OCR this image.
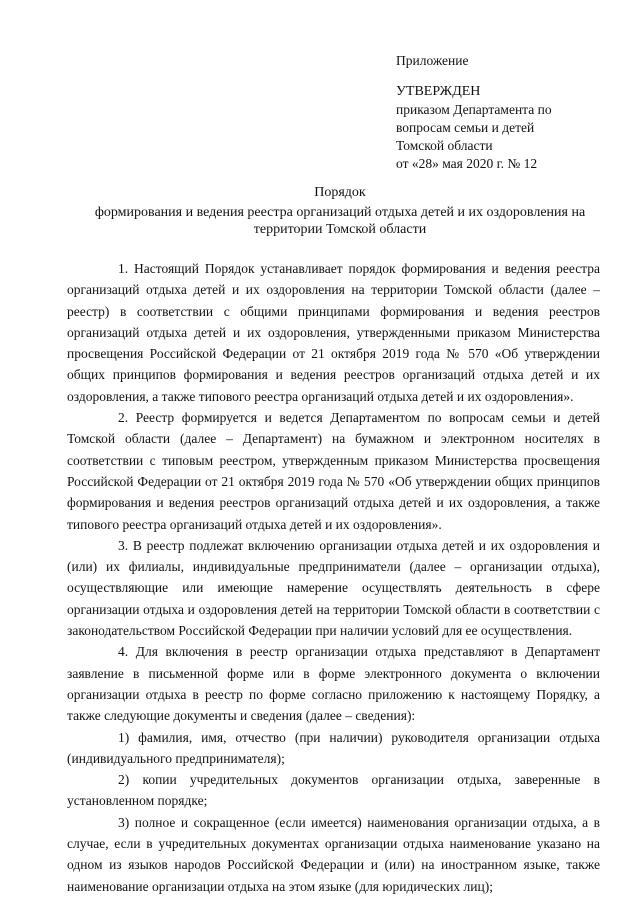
Приложение
УТВЕРЖДЕН
приказом Департамента по
вопросам семьи и детей
Томской области
от «28» мая 2020 г. № 12
Порядок
формирования и ведения реестра организаций отдыха детей и их оздоровления на
территории Томской области

1. Настоящий Порядок устанавливает порядок формирования и ведения реестра организаций отдыха детей и их оздоровления на территории Томской области (далее – реестр) в соответствии с общими принципами формирования и ведения реестров организаций отдыха детей и их оздоровления, утвержденными приказом Министерства просвещения Российской Федерации от 21 октября 2019 года № 570 «Об утверждении общих принципов формирования и ведения реестров организаций отдыха детей и их оздоровления, а также типового реестра организаций отдыха детей и их оздоровления».

2. Реестр формируется и ведется Департаментом по вопросам семьи и детей Томской области (далее – Департамент) на бумажном и электронном носителях в соответствии с типовым реестром, утвержденным приказом Министерства просвещения Российской Федерации от 21 октября 2019 года № 570 «Об утверждении общих принципов формирования и ведения реестров организаций отдыха детей и их оздоровления, а также типового реестра организаций отдыха детей и их оздоровления».

3. В реестр подлежат включению организации отдыха детей и их оздоровления и (или) их филиалы, индивидуальные предприниматели (далее – организации отдыха), осуществляющие или имеющие намерение осуществлять деятельность в сфере организации отдыха и оздоровления детей на территории Томской области в соответствии с законодательством Российской Федерации при наличии условий для ее осуществления.

4. Для включения в реестр организации отдыха представляют в Департамент заявление в письменной форме или в форме электронного документа о включении организации отдыха в реестр по форме согласно приложению к настоящему Порядку, а также следующие документы и сведения (далее – сведения):

1) фамилия, имя, отчество (при наличии) руководителя организации отдыха (индивидуального предпринимателя);

2) копии учредительных документов организации отдыха, заверенные в установленном порядке;

3) полное и сокращенное (если имеется) наименования организации отдыха, а в случае, если в учредительных документах организации отдыха наименование указано на одном из языков народов Российской Федерации и (или) на иностранном языке, также наименование организации отдыха на этом языке (для юридических лиц);
